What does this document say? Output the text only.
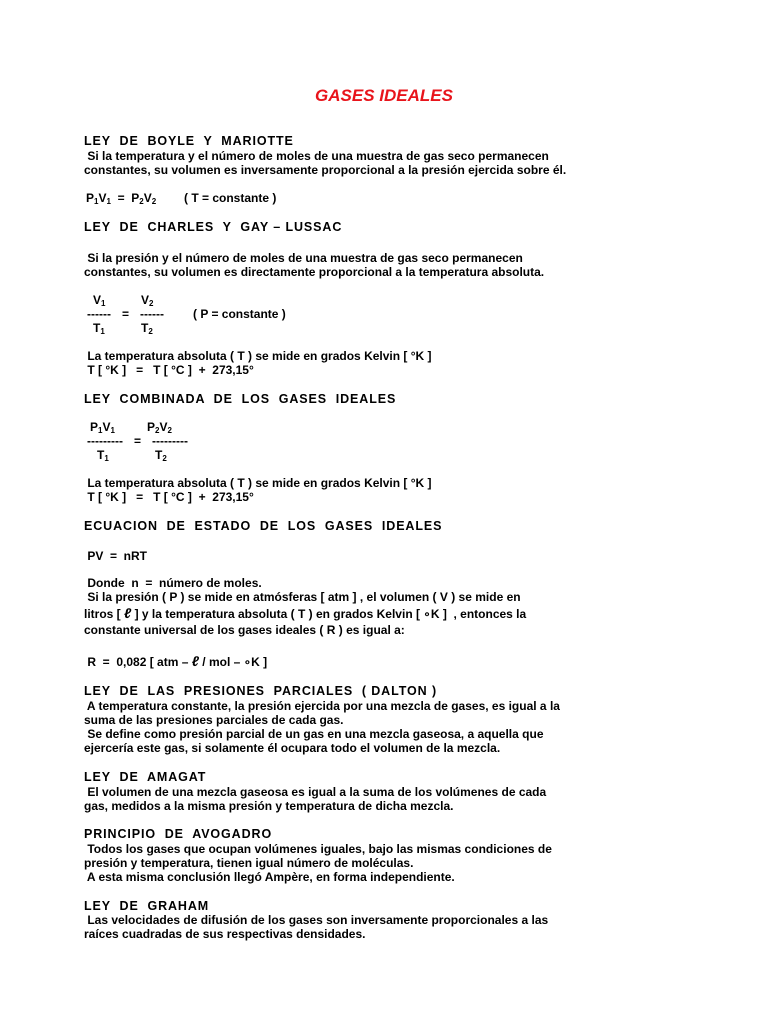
GASES IDEALES
LEY  DE  BOYLE  Y  MARIOTTE
Si la temperatura y el número de moles de una muestra de gas seco permanecen
constantes, su volumen es inversamente proporcional a la presión ejercida sobre él.
$P_1V_1 = P_2V_2$ ( T = constante )
LEY  DE  CHARLES  Y  GAY – LUSSAC
Si la presión y el número de moles de una muestra de gas seco permanecen
constantes, su volumen es directamente proporcional a la temperatura absoluta.
$V_1$	$V_2$
------ = ------ ( P = constante )
$T_1$	$T_2$
La temperatura absoluta ( T ) se mide en grados Kelvin [ °K ]
T [ °K ]   =   T [ °C ]  +  273,15°
LEY  COMBINADA  DE  LOS  GASES  IDEALES
$P_1V_1$	$P_2V_2$
--------- = ---------
$T_1$	$T_2$
La temperatura absoluta ( T ) se mide en grados Kelvin [ °K ]
T [ °K ]   =   T [ °C ]  +  273,15°
ECUACION  DE  ESTADO  DE  LOS  GASES  IDEALES
PV  =  nRT
Donde  n  =  número de moles.
Si la presión ( P ) se mide en atmósferas [ atm ] , el volumen ( V ) se mide en
litros [ ℓ ] y la temperatura absoluta ( T ) en grados Kelvin [ ∘K ]  , entonces la
constante universal de los gases ideales ( R ) es igual a:
R  =  0,082 [ atm – ℓ / mol – ∘K ]
LEY  DE  LAS  PRESIONES  PARCIALES  ( DALTON )
A temperatura constante, la presión ejercida por una mezcla de gases, es igual a la
suma de las presiones parciales de cada gas.
Se define como presión parcial de un gas en una mezcla gaseosa, a aquella que
ejercería este gas, si solamente él ocupara todo el volumen de la mezcla.
LEY  DE  AMAGAT
El volumen de una mezcla gaseosa es igual a la suma de los volúmenes de cada
gas, medidos a la misma presión y temperatura de dicha mezcla.
PRINCIPIO  DE  AVOGADRO
Todos los gases que ocupan volúmenes iguales, bajo las mismas condiciones de
presión y temperatura, tienen igual número de moléculas.
A esta misma conclusión llegó Ampère, en forma independiente.
LEY  DE  GRAHAM
Las velocidades de difusión de los gases son inversamente proporcionales a las
raíces cuadradas de sus respectivas densidades.
